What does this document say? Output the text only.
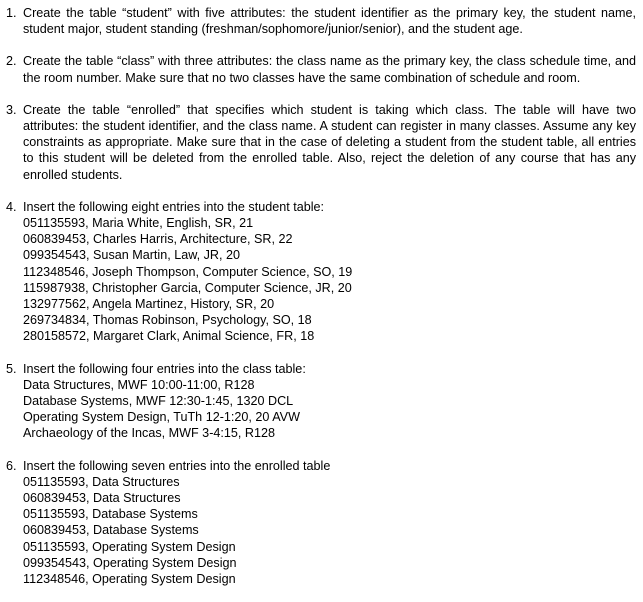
1. Create the table “student” with five attributes: the student identifier as the primary key, the student name, student major, student standing (freshman/sophomore/junior/senior), and the student age.

2. Create the table “class” with three attributes: the class name as the primary key, the class schedule time, and the room number. Make sure that no two classes have the same combination of schedule and room.

3. Create the table “enrolled” that specifies which student is taking which class. The table will have two attributes: the student identifier, and the class name. A student can register in many classes. Assume any key constraints as appropriate. Make sure that in the case of deleting a student from the student table, all entries to this student will be deleted from the enrolled table. Also, reject the deletion of any course that has any enrolled students.

4. Insert the following eight entries into the student table:

051135593, Maria White, English, SR, 21

060839453, Charles Harris, Architecture, SR, 22

099354543, Susan Martin, Law, JR, 20

112348546, Joseph Thompson, Computer Science, SO, 19

115987938, Christopher Garcia, Computer Science, JR, 20

132977562, Angela Martinez, History, SR, 20

269734834, Thomas Robinson, Psychology, SO, 18

280158572, Margaret Clark, Animal Science, FR, 18

5. Insert the following four entries into the class table:

Data Structures, MWF 10:00-11:00, R128

Database Systems, MWF 12:30-1:45, 1320 DCL

Operating System Design, TuTh 12-1:20, 20 AVW

Archaeology of the Incas, MWF 3-4:15, R128

6. Insert the following seven entries into the enrolled table

051135593, Data Structures

060839453, Data Structures

051135593, Database Systems

060839453, Database Systems

051135593, Operating System Design

099354543, Operating System Design

112348546, Operating System Design
